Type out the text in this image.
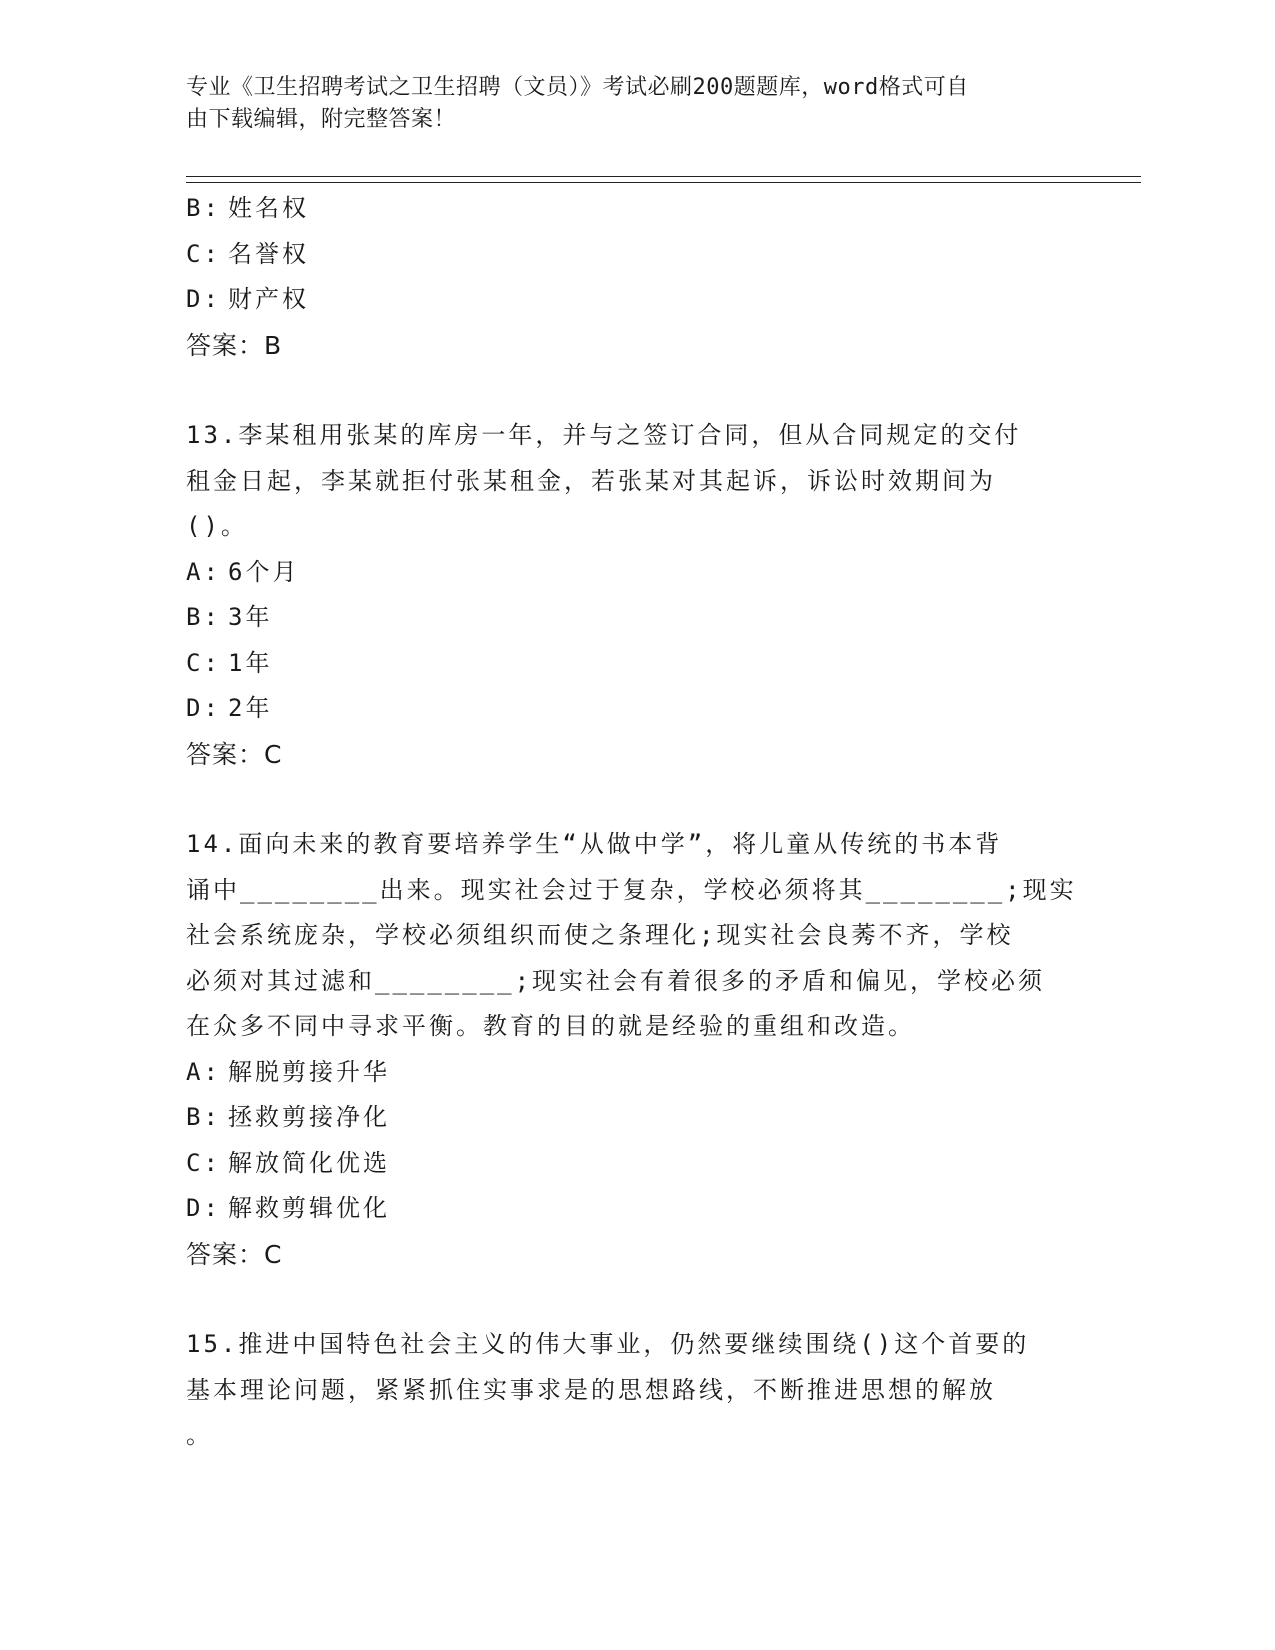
专业《卫生招聘考试之卫生招聘（文员）》考试必刷200题题库，word格式可自
由下载编辑，附完整答案！
B: 姓名权
C: 名誉权
D: 财产权
答案：B
13.李某租用张某的库房一年，并与之签订合同，但从合同规定的交付
租金日起，李某就拒付张某租金，若张某对其起诉，诉讼时效期间为
()。
A: 6个月
B: 3年
C: 1年
D: 2年
答案：C
14.面向未来的教育要培养学生“从做中学”，将儿童从传统的书本背
诵中________出来。现实社会过于复杂，学校必须将其________;现实
社会系统庞杂，学校必须组织而使之条理化;现实社会良莠不齐，学校
必须对其过滤和________;现实社会有着很多的矛盾和偏见，学校必须
在众多不同中寻求平衡。教育的目的就是经验的重组和改造。
A: 解脱剪接升华
B: 拯救剪接净化
C: 解放简化优选
D: 解救剪辑优化
答案：C
15.推进中国特色社会主义的伟大事业，仍然要继续围绕()这个首要的
基本理论问题，紧紧抓住实事求是的思想路线，不断推进思想的解放
。
